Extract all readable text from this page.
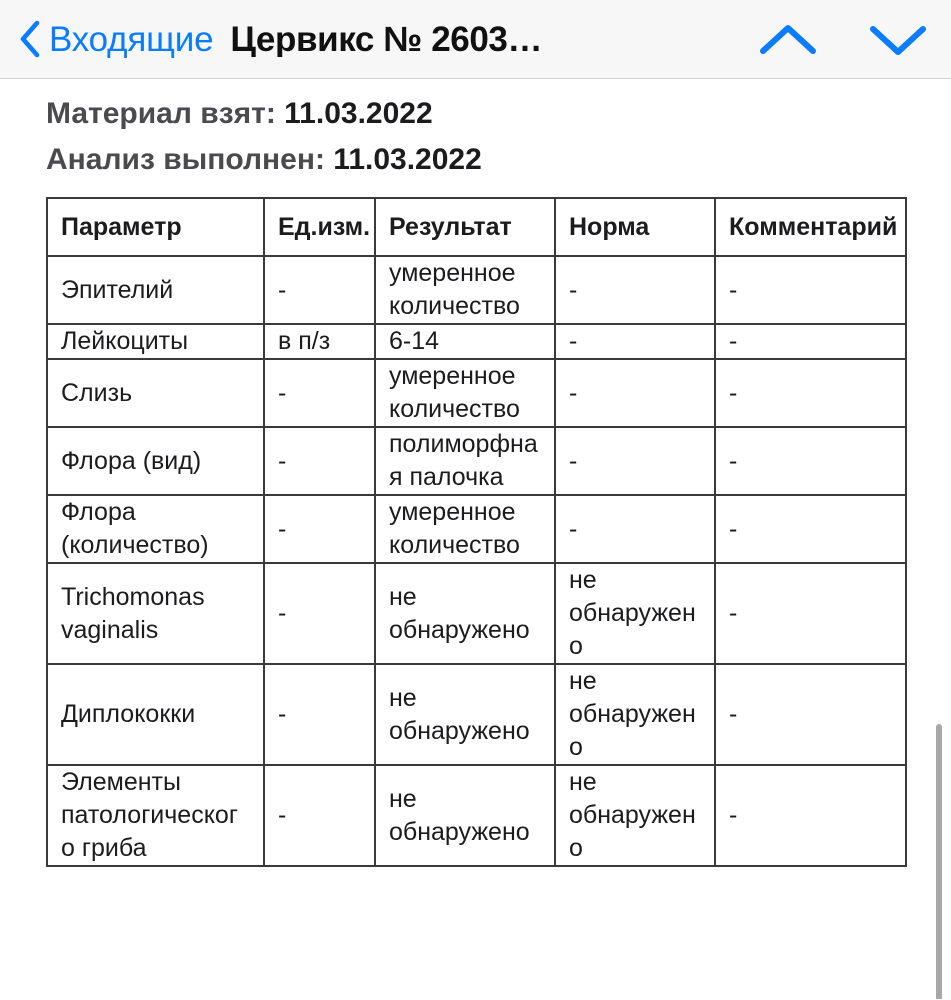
Входящие Цервикс № 2603…
Материал взят: 11.03.2022
Анализ выполнен: 11.03.2022
Параметр	Ед.изм.	Результат	Норма	Комментарий

Эпителий	-	умеренное количество	-	-

Лейкоциты	в п/з	6-14	-	-

Слизь	-	умеренное количество	-	-

Флора (вид)	-	полиморфная палочка	-	-

Флора (количество)	-	умеренное количество	-	-

Trichomonas vaginalis	-	не обнаружено	не обнаружено	-

Диплококки	-	не обнаружено	не обнаружено	-

Элементы патологического гриба	-	не обнаружено	не обнаружено	-
